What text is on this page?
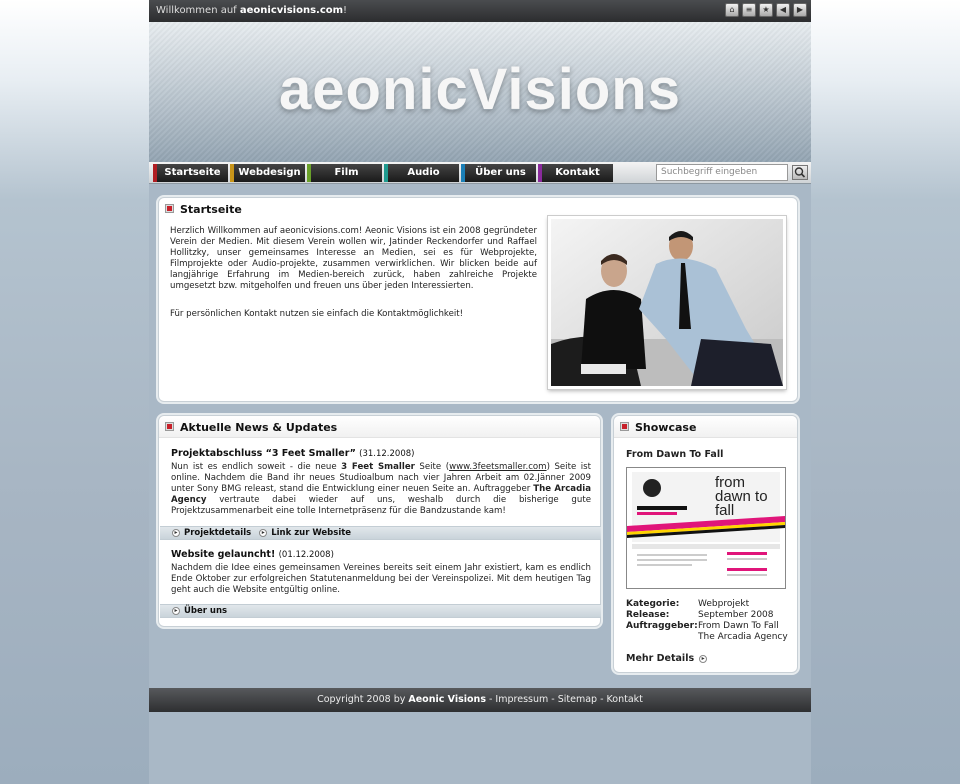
Willkommen auf aeonicvisions.com!	⌂	≡	★	◀	▶
aeonicVisions
Startseite	Webdesign	Film	Audio	Über uns	Kontakt	Suchbegriff eingeben
Startseite
Herzlich Willkommen auf aeonicvisions.com! Aeonic Visions ist ein 2008 gegründeter Verein der Medien. Mit diesem Verein wollen wir, Jatinder Reckendorfer und Raffael Hollitzky, unser gemeinsames Interesse an Medien, sei es für Webprojekte, Filmprojekte oder Audio-projekte, zusammen verwirklichen. Wir blicken beide auf langjährige Erfahrung im Medien-bereich zurück, haben zahlreiche Projekte umgesetzt bzw. mitgeholfen und freuen uns über jeden Interessierten.
Für persönlichen Kontakt nutzen sie einfach die Kontaktmöglichkeit!
Aktuelle News & Updates
Projektabschluss “3 Feet Smaller” (31.12.2008)
Nun ist es endlich soweit - die neue 3 Feet Smaller Seite (www.3feetsmaller.com) Seite ist online. Nachdem die Band ihr neues Studioalbum nach vier Jahren Arbeit am 02.Jänner 2009 unter Sony BMG releast, stand die Entwicklung einer neuen Seite an. Auftraggeber The Arcadia Agency vertraute dabei wieder auf uns, weshalb durch die bisherige gute Projektzusammenarbeit eine tolle Internetpräsenz für die Bandzustande kam!
▸ Projektdetails	▸ Link zur Website
Website gelauncht! (01.12.2008)
Nachdem die Idee eines gemeinsamen Vereines bereits seit einem Jahr existiert, kam es endlich Ende Oktober zur erfolgreichen Statutenanmeldung bei der Vereinspolizei. Mit dem heutigen Tag geht auch die Website entgültig online.
▸ Über uns
Showcase
From Dawn To Fall
from dawn to fall
Kategorie:	Webprojekt
Release:	September 2008
Auftraggeber: From Dawn To Fall
The Arcadia Agency
Mehr Details	▸
Copyright 2008 by Aeonic Visions - Impressum - Sitemap - Kontakt
